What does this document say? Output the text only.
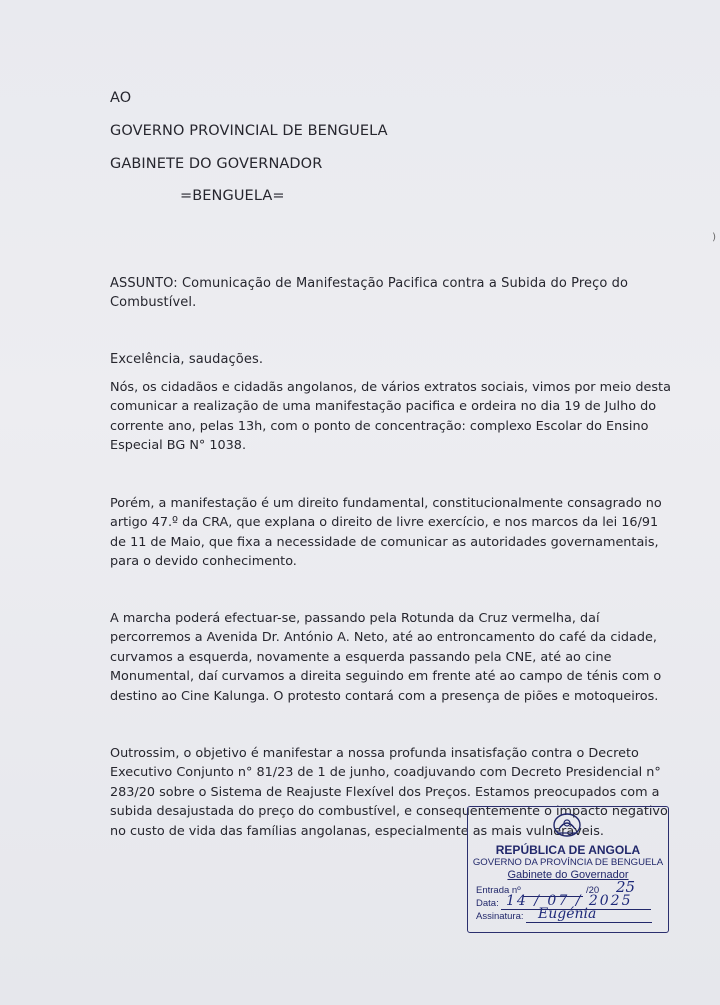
AO
GOVERNO PROVINCIAL DE BENGUELA
GABINETE DO GOVERNADOR
=BENGUELA=
)
ASSUNTO: Comunicação de Manifestação Pacifica contra a Subida do Preço do
Combustível.
Excelência, saudações.
Nós, os cidadãos e cidadãs angolanos, de vários extratos sociais, vimos por meio desta
comunicar a realização de uma manifestação pacifica e ordeira no dia 19 de Julho do
corrente ano, pelas 13h, com o ponto de concentração: complexo Escolar do Ensino
Especial BG N° 1038.
Porém, a manifestação é um direito fundamental, constitucionalmente consagrado no
artigo 47.º da CRA, que explana o direito de livre exercício, e nos marcos da lei 16/91
de 11 de Maio, que fixa a necessidade de comunicar as autoridades governamentais,
para o devido conhecimento.
A marcha poderá efectuar-se, passando pela Rotunda da Cruz vermelha, daí
percorremos a Avenida Dr. António A. Neto, até ao entroncamento do café da cidade,
curvamos a esquerda, novamente a esquerda passando pela CNE, até ao cine
Monumental, daí curvamos a direita seguindo em frente até ao campo de ténis com o
destino ao Cine Kalunga. O protesto contará com a presença de piões e motoqueiros.
Outrossim, o objetivo é manifestar a nossa profunda insatisfação contra o Decreto
Executivo Conjunto n° 81/23 de 1 de junho, coadjuvando com Decreto Presidencial n°
283/20 sobre o Sistema de Reajuste Flexível dos Preços. Estamos preocupados com a
subida desajustada do preço do combustível, e consequentemente o impacto negativo
no custo de vida das famílias angolanas, especialmente as mais vulneráveis.
REPÚBLICA DE ANGOLA
GOVERNO DA PROVÍNCIA DE BENGUELA
Gabinete do Governador
Entrada nº	/20 25
Data: 14 / 07 / 2025
Assinatura:	Eugénia
